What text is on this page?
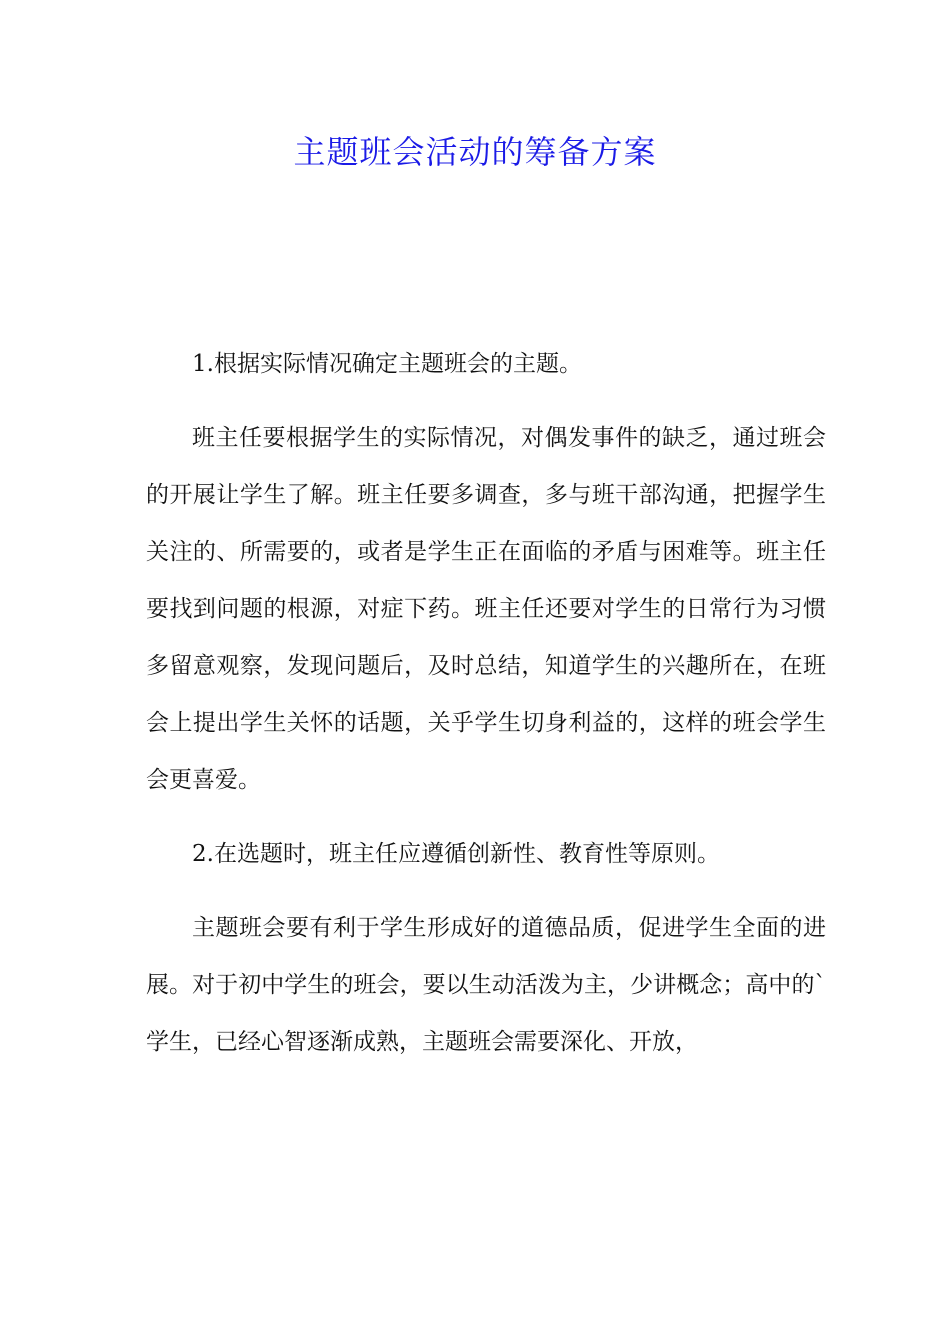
主题班会活动的筹备方案

1.根据实际情况确定主题班会的主题。

班主任要根据学生的实际情况，对偶发事件的缺乏，通过班会的开展让学生了解。班主任要多调查，多与班干部沟通，把握学生关注的、所需要的，或者是学生正在面临的矛盾与困难等。班主任要找到问题的根源，对症下药。班主任还要对学生的日常行为习惯多留意观察，发现问题后，及时总结，知道学生的兴趣所在，在班会上提出学生关怀的话题，关乎学生切身利益的，这样的班会学生会更喜爱。

2.在选题时，班主任应遵循创新性、教育性等原则。

主题班会要有利于学生形成好的道德品质，促进学生全面的进展。对于初中学生的班会，要以生动活泼为主，少讲概念；高中的`学生，已经心智逐渐成熟，主题班会需要深化、开放，
